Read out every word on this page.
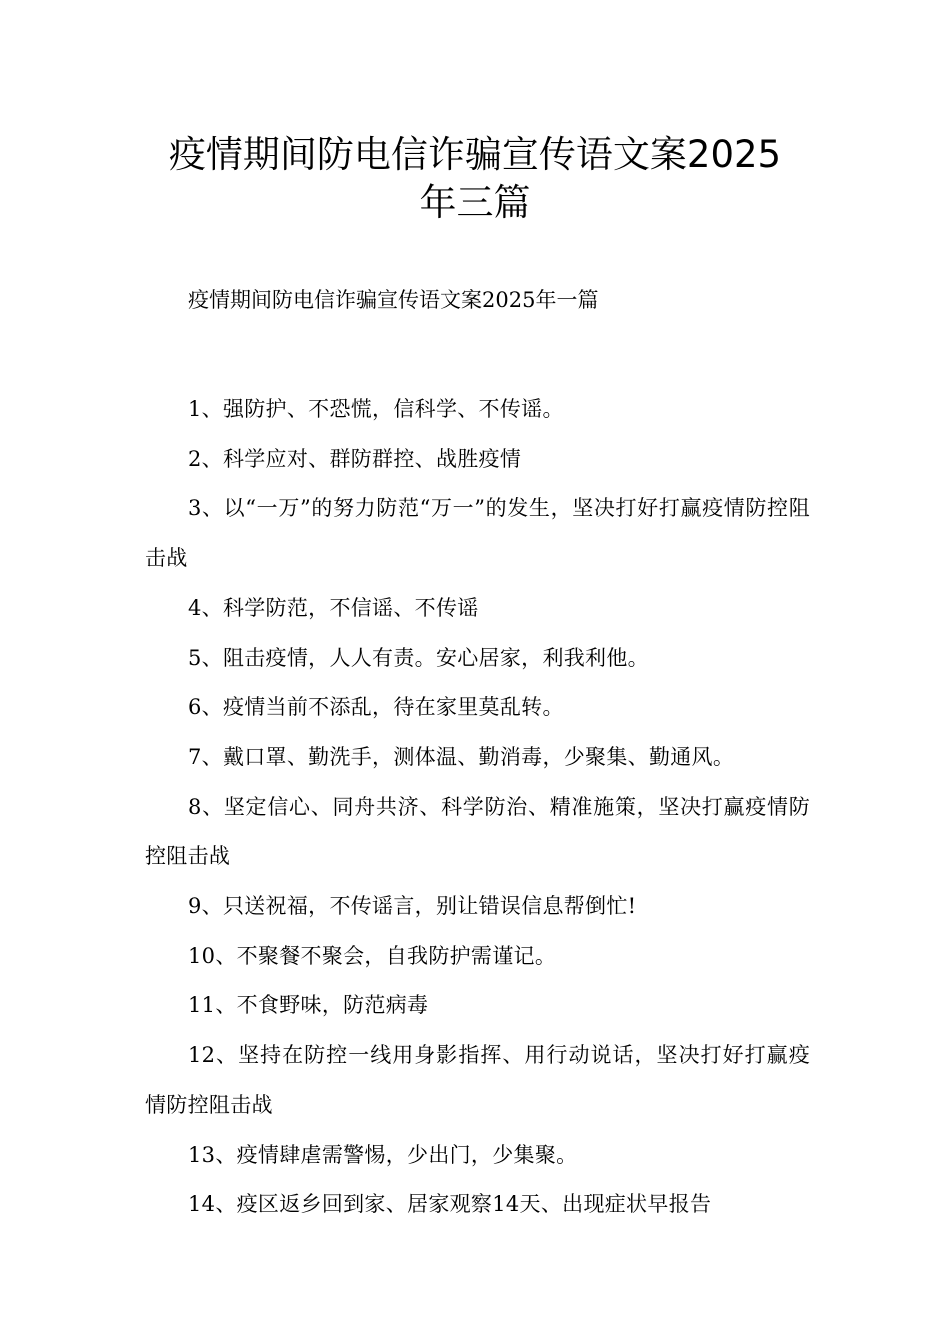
疫情期间防电信诈骗宣传语文案2025
年三篇
疫情期间防电信诈骗宣传语文案2025年一篇

1、强防护、不恐慌，信科学、不传谣。

2、科学应对、群防群控、战胜疫情

3、以“一万”的努力防范“万一”的发生，坚决打好打赢疫情防控阻击战

4、科学防范，不信谣、不传谣

5、阻击疫情，人人有责。安心居家，利我利他。

6、疫情当前不添乱，待在家里莫乱转。

7、戴口罩、勤洗手，测体温、勤消毒，少聚集、勤通风。

8、坚定信心、同舟共济、科学防治、精准施策，坚决打赢疫情防控阻击战

9、只送祝福，不传谣言，别让错误信息帮倒忙!

10、不聚餐不聚会，自我防护需谨记。

11、不食野味，防范病毒

12、坚持在防控一线用身影指挥、用行动说话，坚决打好打赢疫情防控阻击战

13、疫情肆虐需警惕，少出门，少集聚。

14、疫区返乡回到家、居家观察14天、出现症状早报告
